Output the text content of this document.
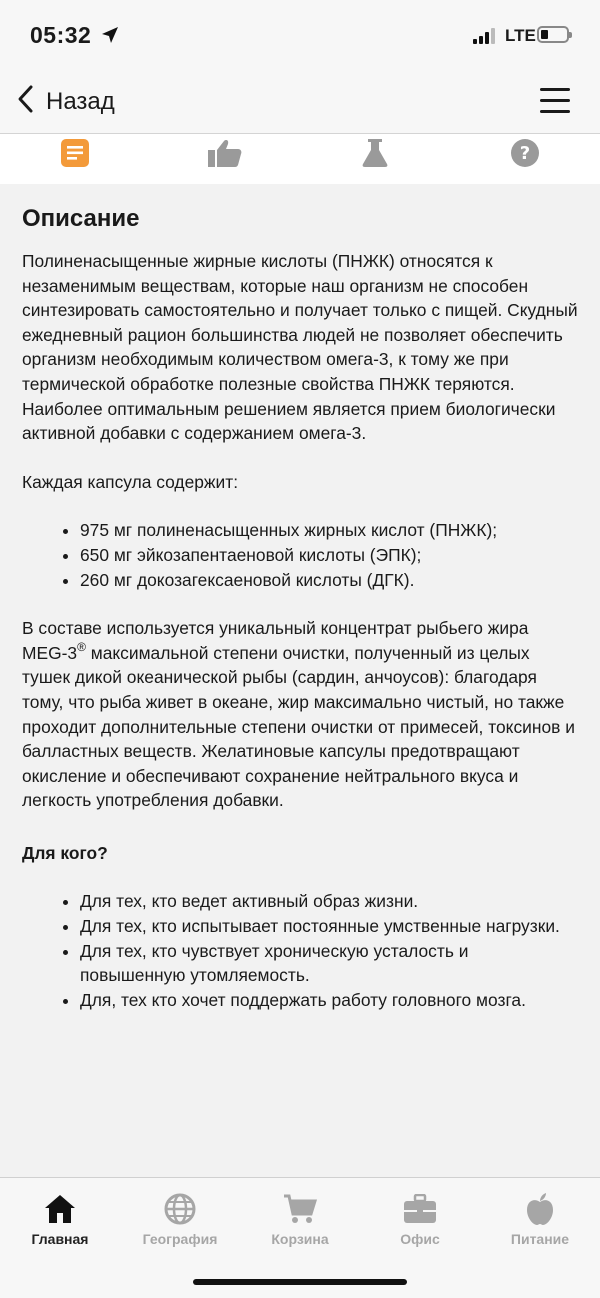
05:32	LTE
Назад
?
Описание

Полиненасыщенные жирные кислоты (ПНЖК) относятся к незаменимым веществам, которые наш организм не способен синтезировать самостоятельно и получает только с пищей. Скудный ежедневный рацион большинства людей не позволяет обеспечить организм необходимым количеством омега-3, к тому же при термической обработке полезные свойства ПНЖК теряются. Наиболее оптимальным решением является прием биологически активной добавки с содержанием омега-3.

Каждая капсула содержит:

• 975 мг полиненасыщенных жирных кислот (ПНЖК);
• 650 мг эйкозапентаеновой кислоты (ЭПК);
• 260 мг докозагексаеновой кислоты (ДГК).

В составе используется уникальный концентрат рыбьего жира MEG-3® максимальной степени очистки, полученный из целых тушек дикой океанической рыбы (сардин, анчоусов): благодаря тому, что рыба живет в океане, жир максимально чистый, но также проходит дополнительные степени очистки от примесей, токсинов и балластных веществ. Желатиновые капсулы предотвращают окисление и обеспечивают сохранение нейтрального вкуса и легкость употребления добавки.

Для кого?

• Для тех, кто ведет активный образ жизни.
• Для тех, кто испытывает постоянные умственные нагрузки.
• Для тех, кто чувствует хроническую усталость и повышенную утомляемость.
• Для, тех кто хочет поддержать работу головного мозга.
Главная	География	Корзина	Офис	Питание
